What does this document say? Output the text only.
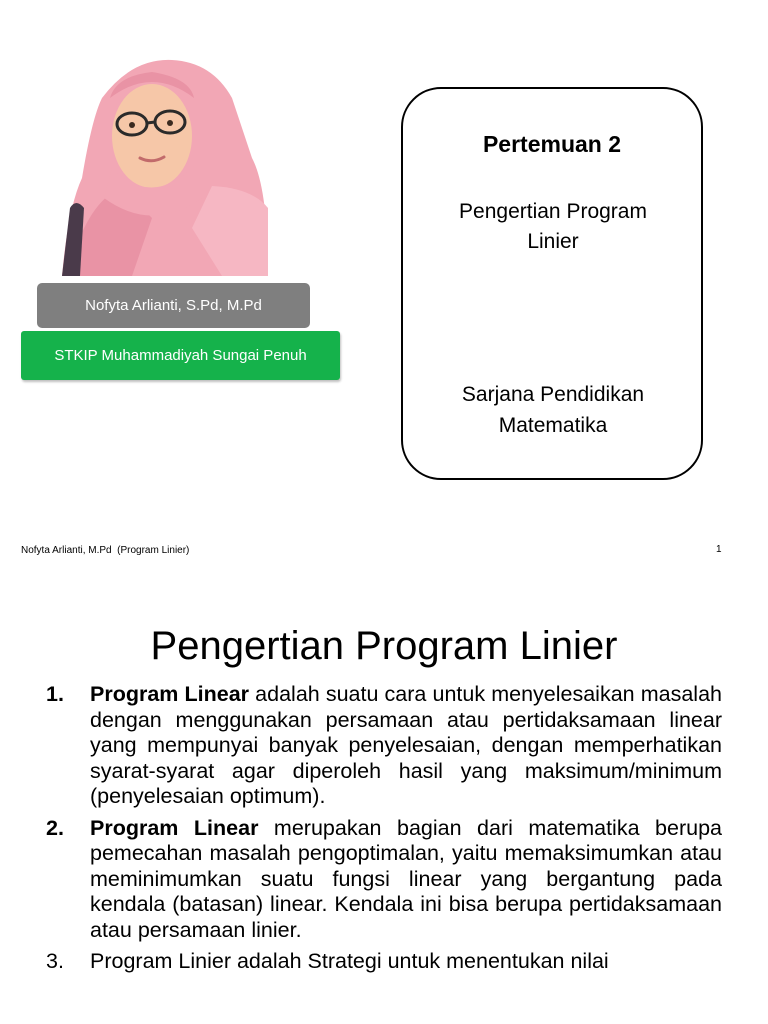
Nofyta Arlianti, S.Pd, M.Pd
STKIP Muhammadiyah Sungai Penuh
Pertemuan 2
Pengertian Program Linier
Sarjana Pendidikan Matematika
Nofyta Arlianti, M.Pd  (Program Linier)	1
Pengertian Program Linier
1. Program Linear adalah suatu cara untuk menyelesaikan masalah dengan menggunakan persamaan atau pertidaksamaan linear yang mempunyai banyak penyelesaian, dengan memperhatikan syarat-syarat agar diperoleh hasil yang maksimum/minimum (penyelesaian optimum).
2. Program Linear merupakan bagian dari matematika berupa pemecahan masalah pengoptimalan, yaitu memaksimumkan atau meminimumkan suatu fungsi linear yang bergantung pada kendala (batasan) linear. Kendala ini bisa berupa pertidaksamaan atau persamaan linier.
3. Program Linier adalah Strategi untuk menentukan nilai
